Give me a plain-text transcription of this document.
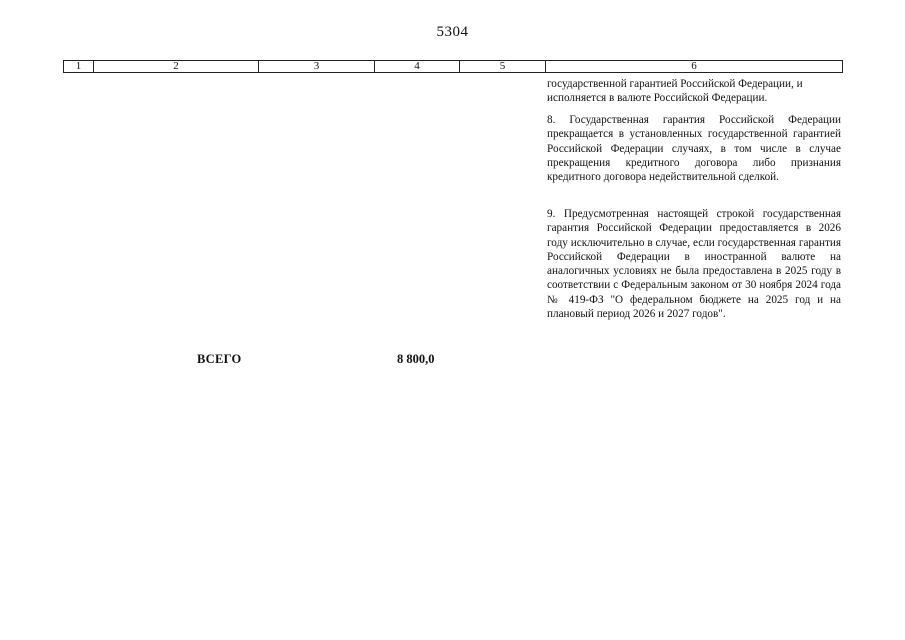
5304
1	2	3	4	5	6
государственной гарантией Российской Федерации, и исполняется в валюте Российской Федерации.
8. Государственная гарантия Российской Федерации прекращается в установленных государственной гарантией Российской Федерации случаях, в том числе в случае прекращения кредитного договора либо признания кредитного договора недействительной сделкой.
9. Предусмотренная настоящей строкой государственная гарантия Российской Федерации предоставляется в 2026 году исключительно в случае, если государственная гарантия Российской Федерации в иностранной валюте на аналогичных условиях не была предоставлена в 2025 году в соответствии с Федеральным законом от 30 ноября 2024 года № 419-ФЗ "О федеральном бюджете на 2025 год и на плановый период 2026 и 2027 годов".
ВСЕГО	8 800,0
